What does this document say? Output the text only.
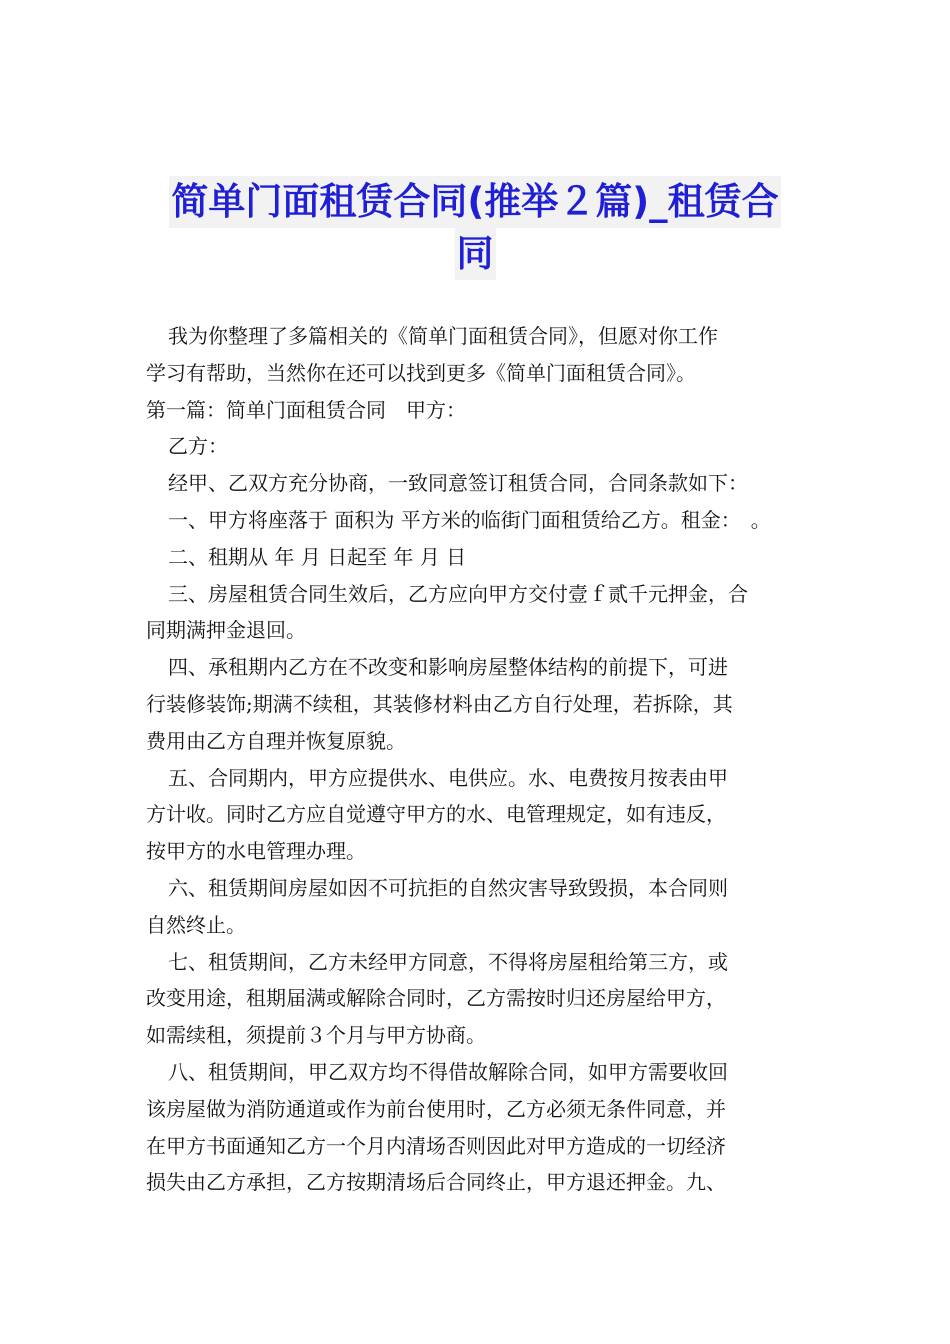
简单门面租赁合同(推举２篇)_租赁合
同

我为你整理了多篇相关的《简单门面租赁合同》，但愿对你工作

学习有帮助，当然你在还可以找到更多《简单门面租赁合同》。

第一篇：简单门面租赁合同　甲方：

乙方：

经甲、乙双方充分协商，一致同意签订租赁合同，合同条款如下：

一、甲方将座落于 面积为 平方米的临街门面租赁给乙方。租金：　。

二、租期从 年 月 日起至 年 月 日

三、房屋租赁合同生效后，乙方应向甲方交付壹ｆ贰千元押金，合

同期满押金退回。

四、承租期内乙方在不改变和影响房屋整体结构的前提下，可进

行装修装饰;期满不续租，其装修材料由乙方自行处理，若拆除，其

费用由乙方自理并恢复原貌。

五、合同期内，甲方应提供水、电供应。水、电费按月按表由甲

方计收。同时乙方应自觉遵守甲方的水、电管理规定，如有违反，

按甲方的水电管理办理。

六、租赁期间房屋如因不可抗拒的自然灾害导致毁损，本合同则

自然终止。

七、租赁期间，乙方未经甲方同意，不得将房屋租给第三方，或

改变用途，租期届满或解除合同时，乙方需按时归还房屋给甲方，

如需续租，须提前３个月与甲方协商。

八、租赁期间，甲乙双方均不得借故解除合同，如甲方需要收回

该房屋做为消防通道或作为前台使用时，乙方必须无条件同意，并

在甲方书面通知乙方一个月内清场否则因此对甲方造成的一切经济

损失由乙方承担，乙方按期清场后合同终止，甲方退还押金。九、
